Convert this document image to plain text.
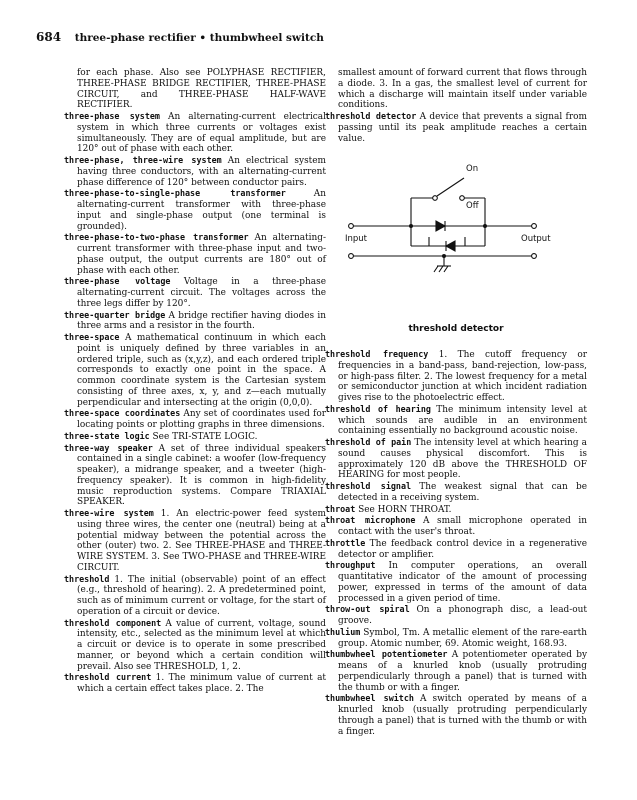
684 three-phase rectifier • thumbwheel switch

for each phase. Also see POLYPHASE RECTIFIER, THREE-PHASE BRIDGE RECTIFIER, THREE-PHASE CIRCUIT, and THREE-PHASE HALF-WAVE RECTIFIER.

three-phase system An alternating-current electrical system in which three currents or voltages exist simultaneously. They are of equal amplitude, but are 120° out of phase with each other.

three-phase, three-wire system An electrical system having three conductors, with an alternating-current phase difference of 120° between conductor pairs.

three-phase-to-single-phase transformer An alternating-current transformer with three-phase input and single-phase output (one terminal is grounded).

three-phase-to-two-phase transformer An alternating-current transformer with three-phase input and two-phase output, the output currents are 180° out of phase with each other.

three-phase voltage Voltage in a three-phase alternating-current circuit. The voltages across the three legs differ by 120°.

three-quarter bridge A bridge rectifier having diodes in three arms and a resistor in the fourth.

three-space A mathematical continuum in which each point is uniquely defined by three variables in an ordered triple, such as (x,y,z), and each ordered triple corresponds to exactly one point in the space. A common coordinate system is the Cartesian system consisting of three axes, x, y, and z—each mutually perpendicular and intersecting at the origin (0,0,0).

three-space coordinates Any set of coordinates used for locating points or plotting graphs in three dimensions.

three-state logic See TRI-STATE LOGIC.

three-way speaker A set of three individual speakers contained in a single cabinet: a woofer (low-frequency speaker), a midrange speaker, and a tweeter (high-frequency speaker). It is common in high-fidelity music reproduction systems. Compare TRIAXIAL SPEAKER.

three-wire system 1. An electric-power feed system using three wires, the center one (neutral) being at a potential midway between the potential across the other (outer) two. 2. See THREE-PHASE and THREE-WIRE SYSTEM. 3. See TWO-PHASE and THREE-WIRE CIRCUIT.

threshold 1. The initial (observable) point of an effect (e.g., threshold of hearing). 2. A predetermined point, such as of minimum current or voltage, for the start of operation of a circuit or device.

threshold component A value of current, voltage, sound intensity, etc., selected as the minimum level at which a circuit or device is to operate in some prescribed manner, or beyond which a certain condition will prevail. Also see THRESHOLD, 1, 2.

threshold current 1. The minimum value of current at which a certain effect takes place. 2. The

smallest amount of forward current that flows through a diode. 3. In a gas, the smallest level of current for which a discharge will maintain itself under variable conditions.

threshold detector A device that prevents a signal from passing until its peak amplitude reaches a certain value.

On
Off
Input	Output
threshold detector

threshold frequency 1. The cutoff frequency or frequencies in a band-pass, band-rejection, low-pass, or high-pass filter. 2. The lowest frequency for a metal or semiconductor junction at which incident radiation gives rise to the photoelectric effect.

threshold of hearing The minimum intensity level at which sounds are audible in an environment containing essentially no background acoustic noise.

threshold of pain The intensity level at which hearing a sound causes physical discomfort. This is approximately 120 dB above the THRESHOLD OF HEARING for most people.

threshold signal The weakest signal that can be detected in a receiving system.

throat See HORN THROAT.

throat microphone A small microphone operated in contact with the user's throat.

throttle The feedback control device in a regenerative detector or amplifier.

throughput In computer operations, an overall quantitative indicator of the amount of processing power, expressed in terms of the amount of data processed in a given period of time.

throw-out spiral On a phonograph disc, a lead-out groove.

thulium Symbol, Tm. A metallic element of the rare-earth group. Atomic number, 69. Atomic weight, 168.93.

thumbwheel potentiometer A potentiometer operated by means of a knurled knob (usually protruding perpendicularly through a panel) that is turned with the thumb or with a finger.

thumbwheel switch A switch operated by means of a knurled knob (usually protruding perpendicularly through a panel) that is turned with the thumb or with a finger.
